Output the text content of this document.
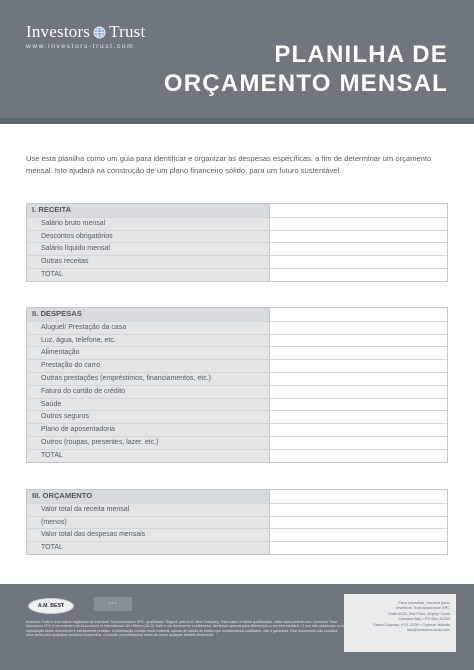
Investors Trust
www.investors-trust.com	PLANILHA DE
ORÇAMENTO MENSAL

Use esta planilha como um guia para identificar e organizar as despesas específicas, a fim de determinar um orçamento mensal. Isto ajudará na construção de um plano financeiro sólido, para um futuro sustentável.

I. RECEITA
Salário bruto mensal
Descontos obrigatórios
Salário líquido mensal
Outras receitas
TOTAL
II. DESPESAS
Aluguel/ Prestação da casa
Luz, água, telefone, etc.
Alimentação
Prestação do carro
Outras prestações (empréstimos, financiamentos, etc.)
Fatura do cartão de crédito
Saúde
Outros seguros
Plano de aposentadoria
Outros (roupas, presentes, lazer, etc.)
TOTAL
III. ORÇAMENTO
Valor total da receita mensal
(menos)
Valor total das despesas mensais
TOTAL
A.M. BEST	▪▪▪

Investors Trust é uma marca registrada da Investors Trust Assurance SPC, qualificada "Segura" pela A.M. Best Company. Para saber a última qualificação, visite www.ambest.com. Investors Trust Assurance SPC é um membro da Association of International Life Offices (AILO). Este é um documento confidencial, destinado apenas para distribuição a um intermediário. O uso não autorizado ou a reprodução deste documento é estritamente proibido. A informação contida neste material, apesar de obtida de fontes que consideramos confiáveis, não é garantida. Este documento não constitui uma oferta para quaisquer produtos financeiros. Consulte um profissional antes de tomar qualquer decisão financeira.

Para consultas, escreva para:
Investors Trust Assurance SPC
Suite #220, 2nd Floor, Zephyr Court
Camana Bay • PO Box 32203
Grand Cayman, KY1-1208 • Cayman Islands
info@investors-trust.com
